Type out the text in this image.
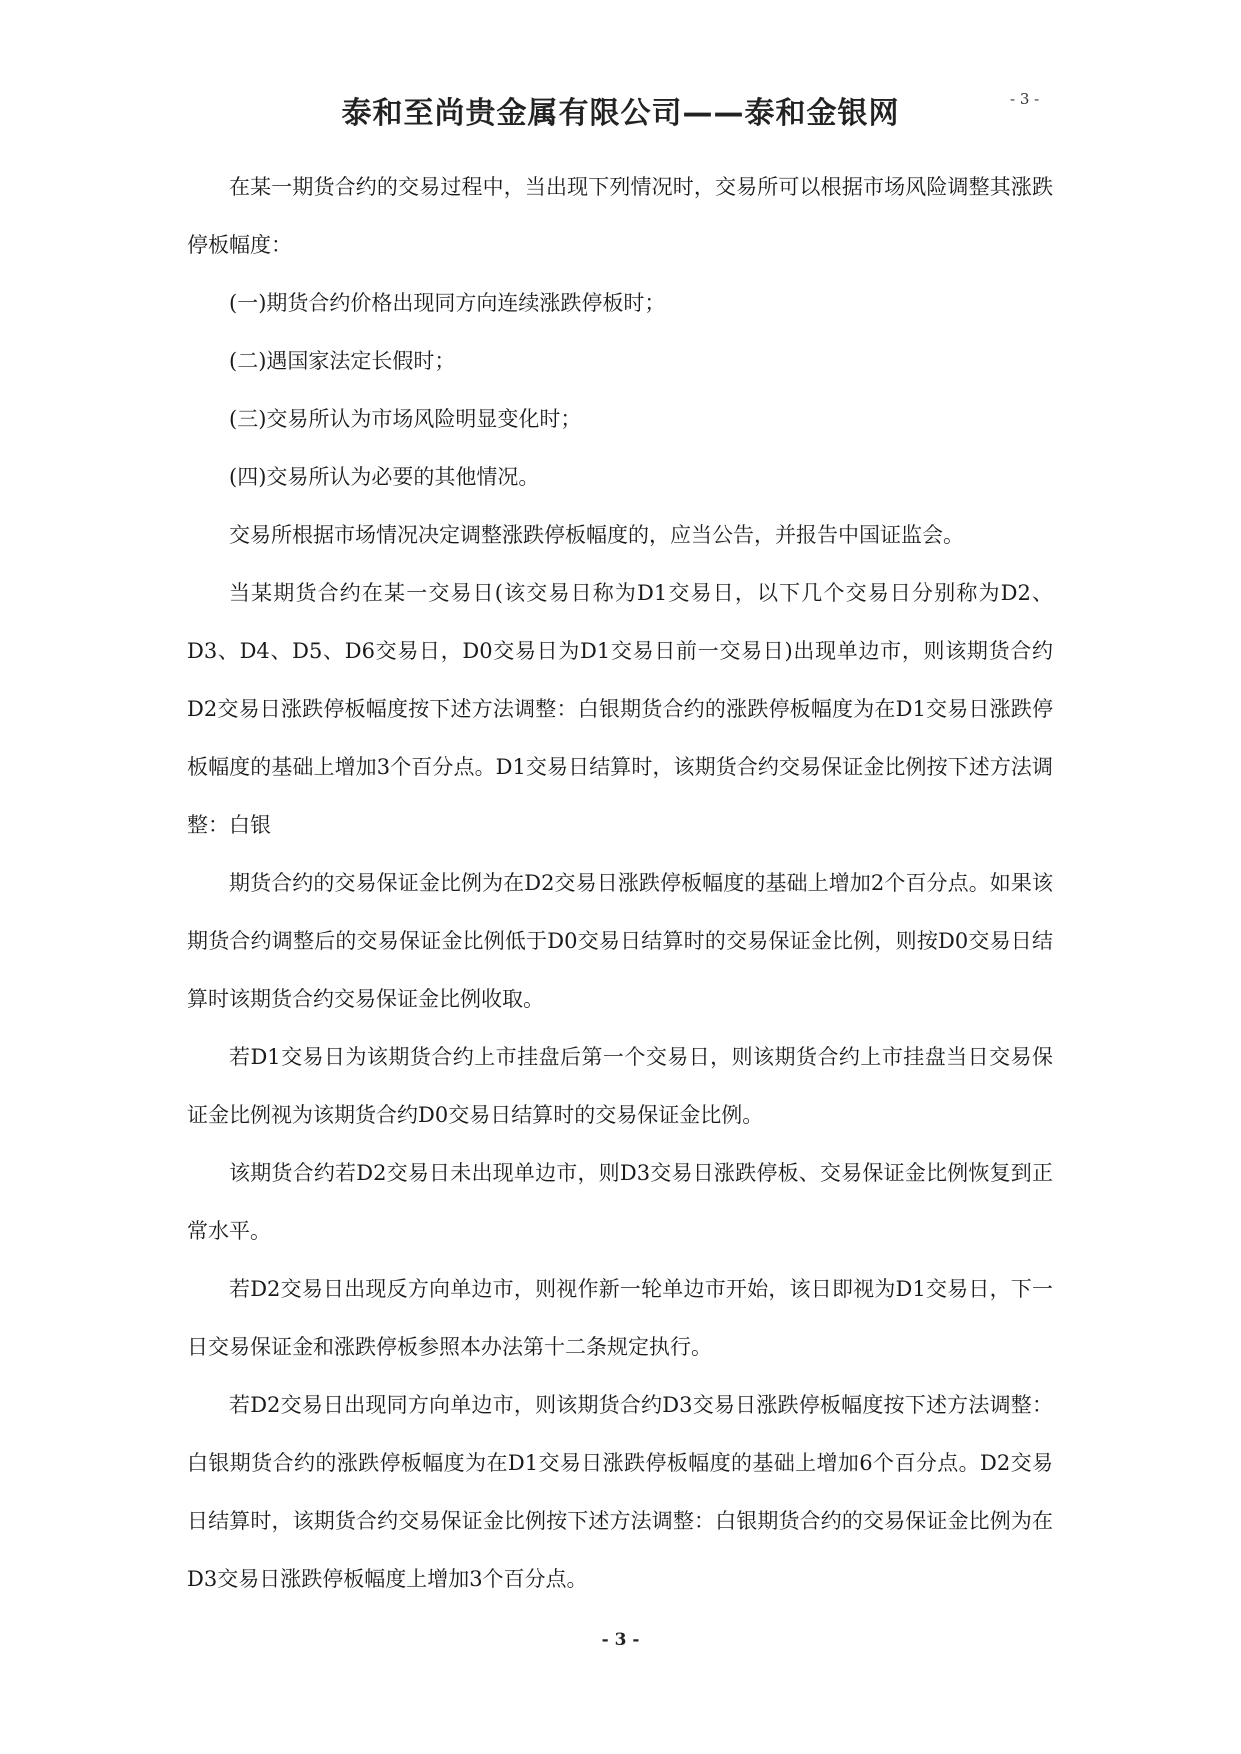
泰和至尚贵金属有限公司——泰和金银网	- 3 -

在某一期货合约的交易过程中，当出现下列情况时，交易所可以根据市场风险调整其涨跌停板幅度：

(一)期货合约价格出现同方向连续涨跌停板时；

(二)遇国家法定长假时；

(三)交易所认为市场风险明显变化时；

(四)交易所认为必要的其他情况。

交易所根据市场情况决定调整涨跌停板幅度的，应当公告，并报告中国证监会。

当某期货合约在某一交易日(该交易日称为D1交易日，以下几个交易日分别称为D2、D3、D4、D5、D6交易日，D0交易日为D1交易日前一交易日)出现单边市，则该期货合约D2交易日涨跌停板幅度按下述方法调整：白银期货合约的涨跌停板幅度为在D1交易日涨跌停板幅度的基础上增加3个百分点。D1交易日结算时，该期货合约交易保证金比例按下述方法调整：白银

期货合约的交易保证金比例为在D2交易日涨跌停板幅度的基础上增加2个百分点。如果该期货合约调整后的交易保证金比例低于D0交易日结算时的交易保证金比例，则按D0交易日结算时该期货合约交易保证金比例收取。

若D1交易日为该期货合约上市挂盘后第一个交易日，则该期货合约上市挂盘当日交易保证金比例视为该期货合约D0交易日结算时的交易保证金比例。

该期货合约若D2交易日未出现单边市，则D3交易日涨跌停板、交易保证金比例恢复到正常水平。

若D2交易日出现反方向单边市，则视作新一轮单边市开始，该日即视为D1交易日，下一日交易保证金和涨跌停板参照本办法第十二条规定执行。

若D2交易日出现同方向单边市，则该期货合约D3交易日涨跌停板幅度按下述方法调整：白银期货合约的涨跌停板幅度为在D1交易日涨跌停板幅度的基础上增加6个百分点。D2交易日结算时，该期货合约交易保证金比例按下述方法调整：白银期货合约的交易保证金比例为在D3交易日涨跌停板幅度上增加3个百分点。

- 3 -
